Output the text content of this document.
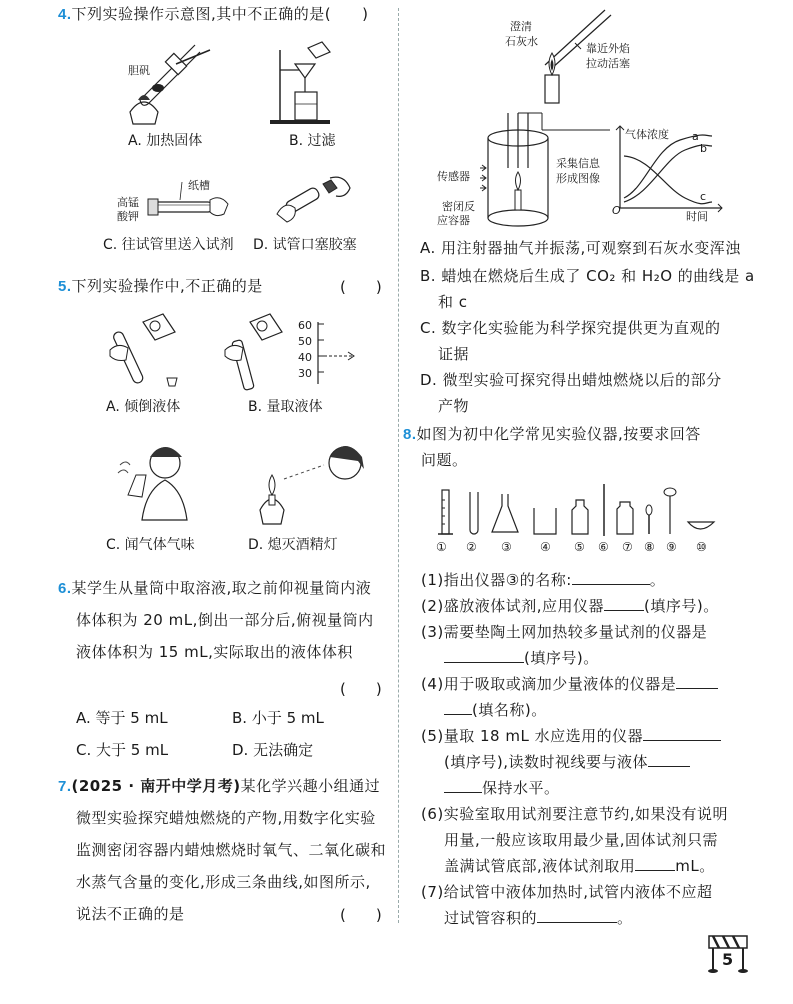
4.下列实验操作示意图,其中不正确的是(　　)
胆矾
A. 加热固体	B. 过滤
纸槽
高锰
酸钾
C. 往试管里送入试剂 D. 试管口塞胶塞
5.下列实验操作中,不正确的是	(　　)
60
50
40
30
A. 倾倒液体	B. 量取液体
C. 闻气体气味	D. 熄灭酒精灯
6.某学生从量筒中取溶液,取之前仰视量筒内液
体体积为 20 mL,倒出一部分后,俯视量筒内
液体体积为 15 mL,实际取出的液体体积
(　　)
A. 等于 5 mL	B. 小于 5 mL
C. 大于 5 mL	D. 无法确定
7.(2025 · 南开中学月考)某化学兴趣小组通过
微型实验探究蜡烛燃烧的产物,用数字化实验
监测密闭容器内蜡烛燃烧时氧气、二氧化碳和
水蒸气含量的变化,形成三条曲线,如图所示,
说法不正确的是	(　　)
澄清
石灰水
靠近外焰
拉动活塞
传感器
密闭反
应容器
采集信息
形成图像
气体浓度 a
b
c
O	时间
A. 用注射器抽气并振荡,可观察到石灰水变浑浊
B. 蜡烛在燃烧后生成了 CO₂ 和 H₂O 的曲线是 a
和 c
C. 数字化实验能为科学探究提供更为直观的
证据
D. 微型实验可探究得出蜡烛燃烧以后的部分
产物
8.如图为初中化学常见实验仪器,按要求回答
问题。
① ② ③ ④ ⑤ ⑥ ⑦ ⑧ ⑨ ⑩
(1)指出仪器③的名称:	。
(2)盛放液体试剂,应用仪器	(填序号)。
(3)需要垫陶土网加热较多量试剂的仪器是
(填序号)。
(4)用于吸取或滴加少量液体的仪器是
(填名称)。
(5)量取 18 mL 水应选用的仪器
(填序号),读数时视线要与液体
保持水平。
(6)实验室取用试剂要注意节约,如果没有说明
用量,一般应该取用最少量,固体试剂只需
盖满试管底部,液体试剂取用	mL。
(7)给试管中液体加热时,试管内液体不应超
过试管容积的	。
5
